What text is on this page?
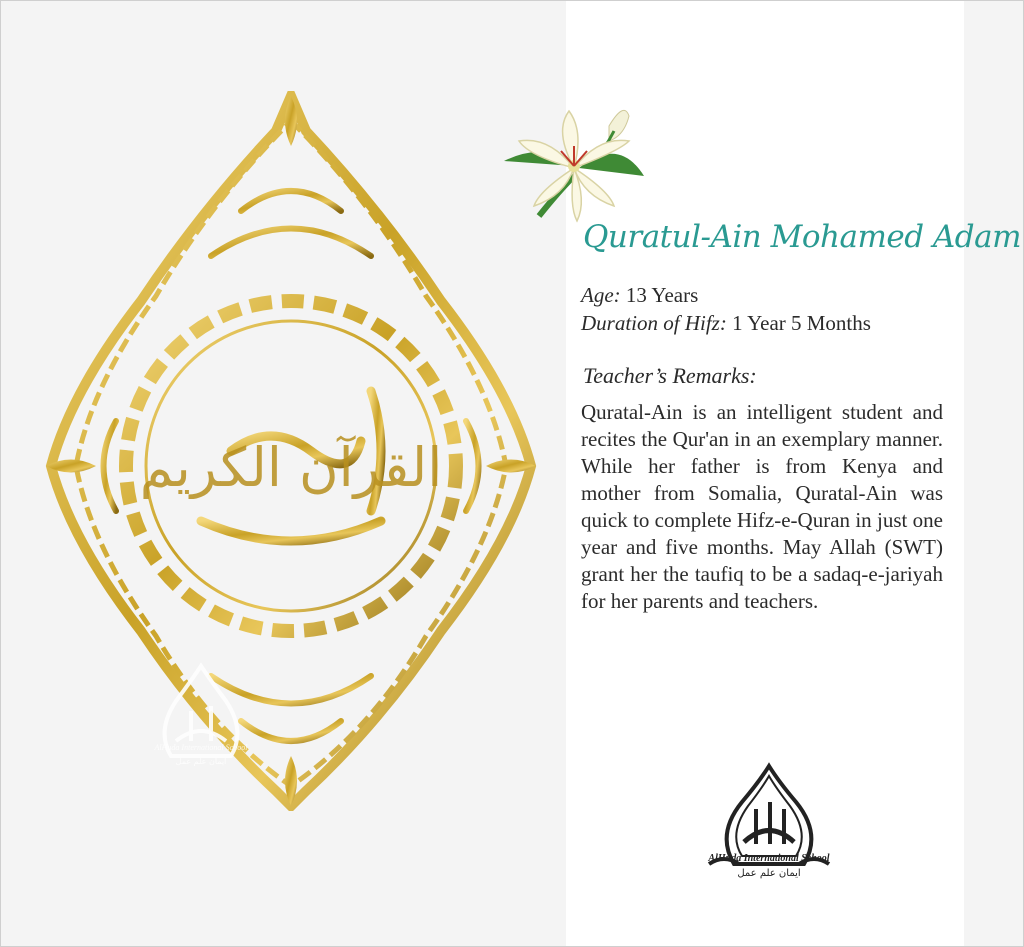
القرآن الكريم
AlHuda International School
ايمان علم عمل
Quratul-Ain Mohamed Adam
Age: 13 Years
Duration of Hifz: 1 Year 5 Months
Teacher’s Remarks:
Quratal-Ain is an intelligent student and recites the Qur'an in an exemplary manner. While her father is from Kenya and mother from Somalia, Quratal-Ain was quick to complete Hifz-e-Quran in just one year and five months. May Allah (SWT) grant her the taufiq to be a sadaq-e-jariyah for her parents and teachers.
AlHuda International School
ايمان علم عمل
